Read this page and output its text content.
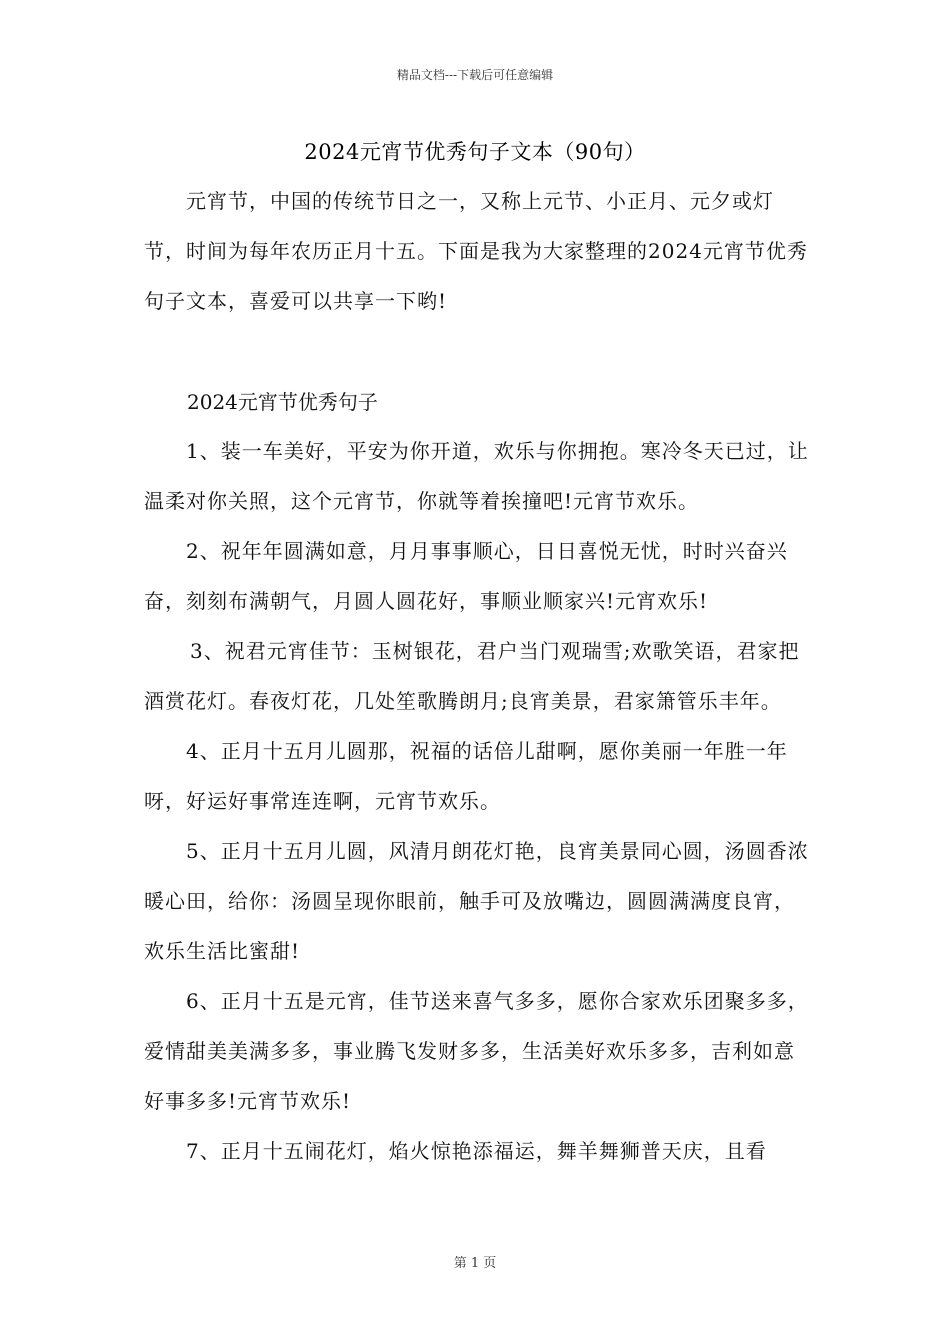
精品文档---下载后可任意编辑
2024元宵节优秀句子文本（90句）

元宵节，中国的传统节日之一，又称上元节、小正月、元夕或灯节，时间为每年农历正月十五。下面是我为大家整理的2024元宵节优秀句子文本，喜爱可以共享一下哟!

2024元宵节优秀句子

1、装一车美好，平安为你开道，欢乐与你拥抱。寒冷冬天已过，让温柔对你关照，这个元宵节，你就等着挨撞吧!元宵节欢乐。

2、祝年年圆满如意，月月事事顺心，日日喜悦无忧，时时兴奋兴奋，刻刻布满朝气，月圆人圆花好，事顺业顺家兴!元宵欢乐!

3、祝君元宵佳节：玉树银花，君户当门观瑞雪;欢歌笑语，君家把酒赏花灯。春夜灯花，几处笙歌腾朗月;良宵美景，君家箫管乐丰年。

4、正月十五月儿圆那，祝福的话倍儿甜啊，愿你美丽一年胜一年呀，好运好事常连连啊，元宵节欢乐。

5、正月十五月儿圆，风清月朗花灯艳，良宵美景同心圆，汤圆香浓暖心田，给你：汤圆呈现你眼前，触手可及放嘴边，圆圆满满度良宵，欢乐生活比蜜甜!

6、正月十五是元宵，佳节送来喜气多多，愿你合家欢乐团聚多多，爱情甜美美满多多，事业腾飞发财多多，生活美好欢乐多多，吉利如意好事多多!元宵节欢乐!

7、正月十五闹花灯，焰火惊艳添福运，舞羊舞狮普天庆，且看

第 1 页
